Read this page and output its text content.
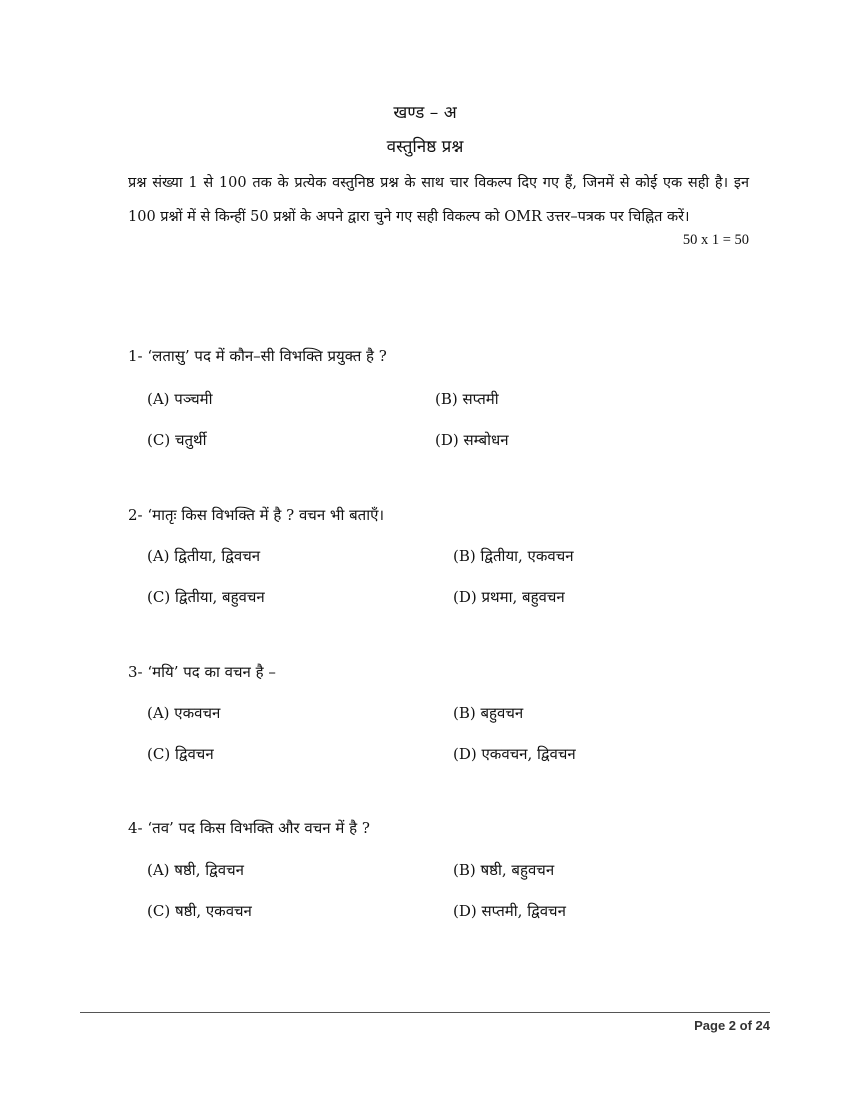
खण्ड – अ
वस्तुनिष्ठ प्रश्न
प्रश्न संख्या 1 से 100 तक के प्रत्येक वस्तुनिष्ठ प्रश्न के साथ चार विकल्प दिए गए हैं, जिनमें से कोई एक सही है। इन 100 प्रश्नों में से किन्हीं 50 प्रश्नों के अपने द्वारा चुने गए सही विकल्प को OMR उत्तर–पत्रक पर चिह्नित करें।
50 x 1 = 50
1- ‘लतासु’ पद में कौन–सी विभक्ति प्रयुक्त है ?
(A) पञ्चमी	(B) सप्तमी
(C) चतुर्थी	(D) सम्बोधन
2- ‘मातृः किस विभक्ति में है ? वचन भी बताएँ।
(A) द्वितीया, द्विवचन	(B) द्वितीया, एकवचन
(C) द्वितीया, बहुवचन	(D) प्रथमा, बहुवचन
3- ‘मयि’ पद का वचन है –
(A) एकवचन	(B) बहुवचन
(C) द्विवचन	(D) एकवचन, द्विवचन
4- ‘तव’ पद किस विभक्ति और वचन में है ?
(A) षष्ठी, द्विवचन	(B) षष्ठी, बहुवचन
(C) षष्ठी, एकवचन	(D) सप्तमी, द्विवचन
Page 2 of 24
